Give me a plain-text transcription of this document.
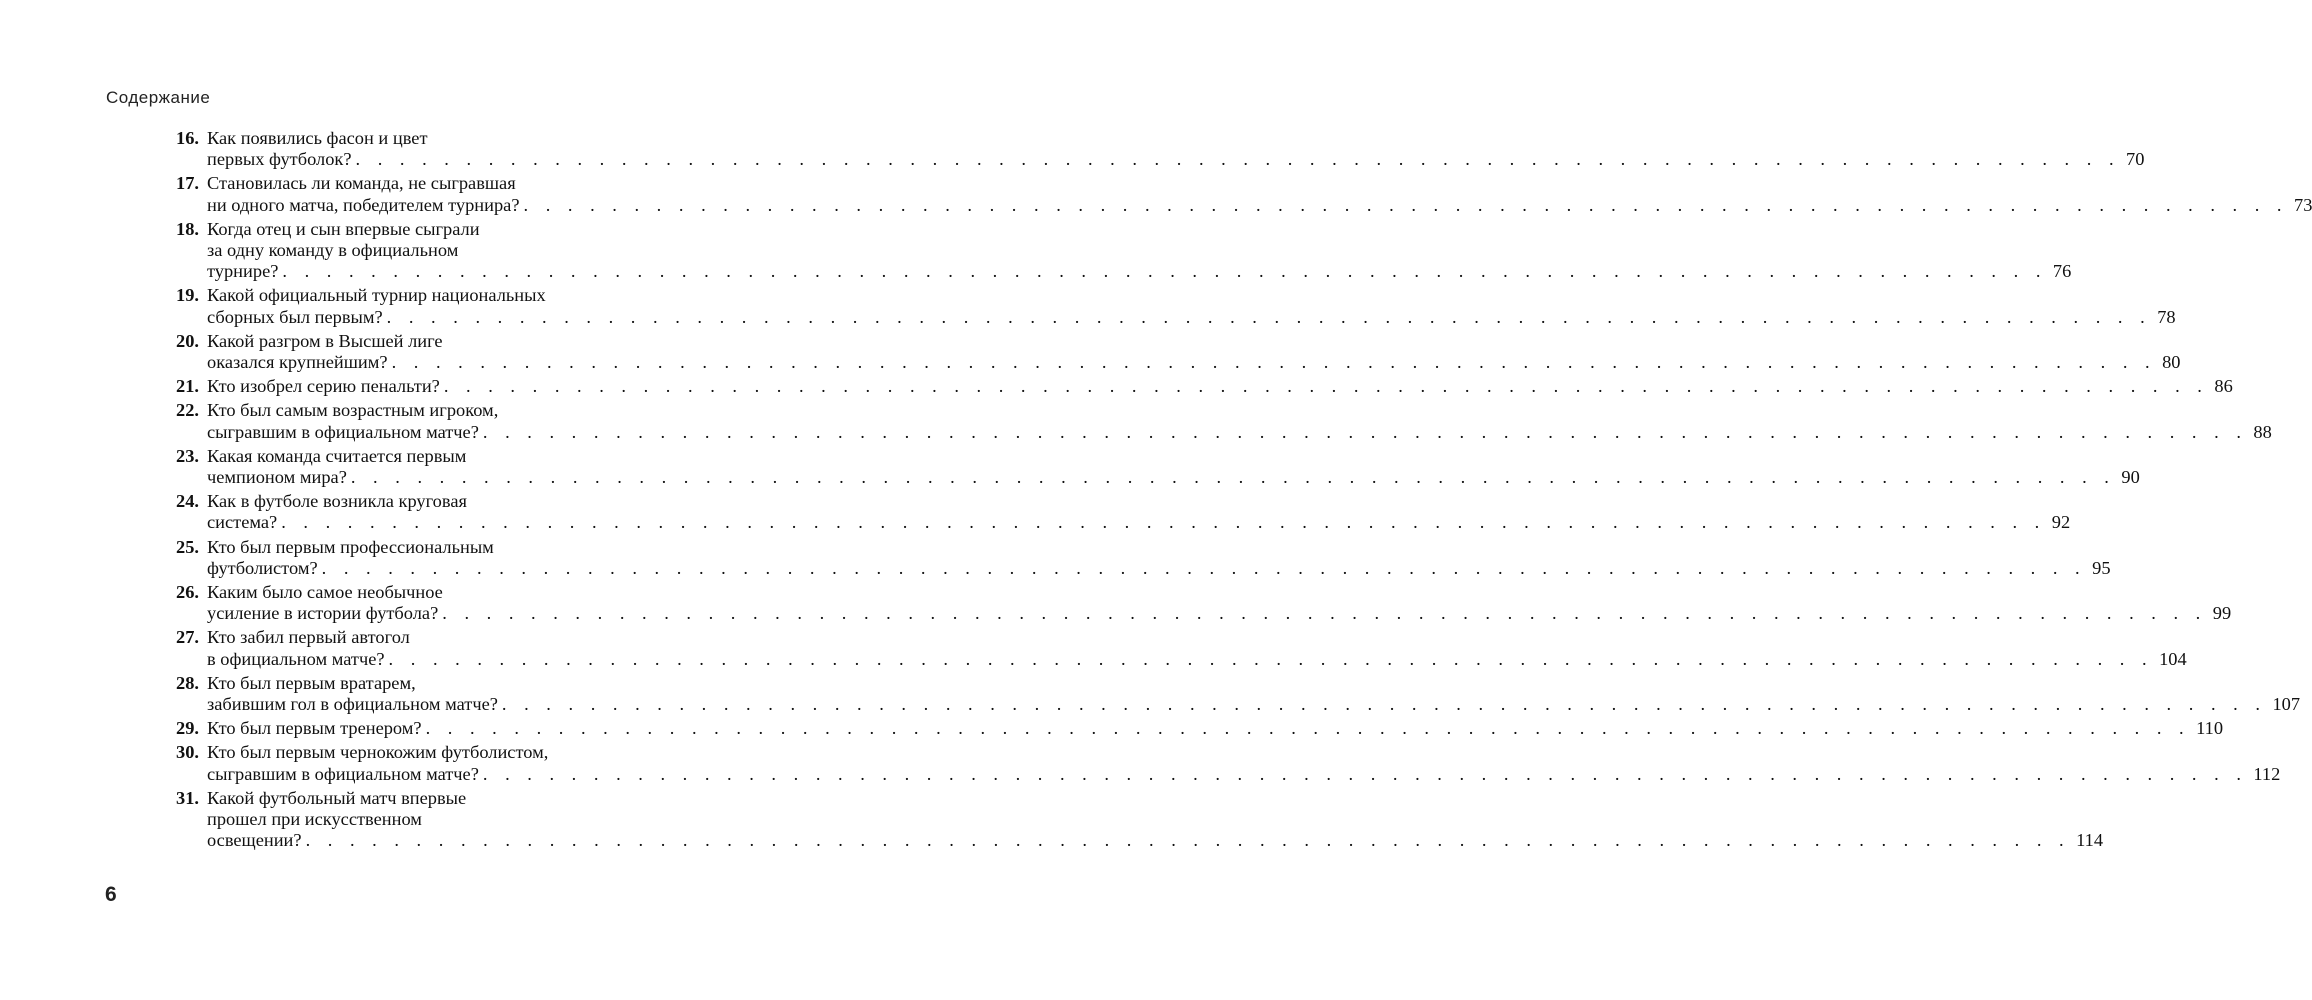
Содержание
16. Как появились фасон и цвет
первых футболок? . . . . . . . . . . . . . . . . . . . . . . . . . . . . . . . . . . . . . . . . . . . . . . . . . . . . . . . . . . . . . . . . . . . . . . . . . . . . . . . . 70
17. Становилась ли команда, не сыгравшая
ни одного матча, победителем турнира? . . . . . . . . . . . . . . . . . . . . . . . . . . . . . . . . . . . . . . . . . . . . . . . . . . . . . . . . . . . . . . . . . . . . . . . . . . . . . . . . 73
18. Когда отец и сын впервые сыграли
за одну команду в официальном
турнире? . . . . . . . . . . . . . . . . . . . . . . . . . . . . . . . . . . . . . . . . . . . . . . . . . . . . . . . . . . . . . . . . . . . . . . . . . . . . . . . . 76
19. Какой официальный турнир национальных
сборных был первым? . . . . . . . . . . . . . . . . . . . . . . . . . . . . . . . . . . . . . . . . . . . . . . . . . . . . . . . . . . . . . . . . . . . . . . . . . . . . . . . . 78
20. Какой разгром в Высшей лиге
оказался крупнейшим? . . . . . . . . . . . . . . . . . . . . . . . . . . . . . . . . . . . . . . . . . . . . . . . . . . . . . . . . . . . . . . . . . . . . . . . . . . . . . . . . 80
21. Кто изобрел серию пенальти? . . . . . . . . . . . . . . . . . . . . . . . . . . . . . . . . . . . . . . . . . . . . . . . . . . . . . . . . . . . . . . . . . . . . . . . . . . . . . . . . 86
22. Кто был самым возрастным игроком,
сыгравшим в официальном матче? . . . . . . . . . . . . . . . . . . . . . . . . . . . . . . . . . . . . . . . . . . . . . . . . . . . . . . . . . . . . . . . . . . . . . . . . . . . . . . . . 88
23. Какая команда считается первым
чемпионом мира? . . . . . . . . . . . . . . . . . . . . . . . . . . . . . . . . . . . . . . . . . . . . . . . . . . . . . . . . . . . . . . . . . . . . . . . . . . . . . . . . 90
24. Как в футболе возникла круговая
система? . . . . . . . . . . . . . . . . . . . . . . . . . . . . . . . . . . . . . . . . . . . . . . . . . . . . . . . . . . . . . . . . . . . . . . . . . . . . . . . . 92
25. Кто был первым профессиональным
футболистом? . . . . . . . . . . . . . . . . . . . . . . . . . . . . . . . . . . . . . . . . . . . . . . . . . . . . . . . . . . . . . . . . . . . . . . . . . . . . . . . . 95
26. Каким было самое необычное
усиление в истории футбола? . . . . . . . . . . . . . . . . . . . . . . . . . . . . . . . . . . . . . . . . . . . . . . . . . . . . . . . . . . . . . . . . . . . . . . . . . . . . . . . . 99
27. Кто забил первый автогол
в официальном матче? . . . . . . . . . . . . . . . . . . . . . . . . . . . . . . . . . . . . . . . . . . . . . . . . . . . . . . . . . . . . . . . . . . . . . . . . . . . . . . . . 104
28. Кто был первым вратарем,
забившим гол в официальном матче? . . . . . . . . . . . . . . . . . . . . . . . . . . . . . . . . . . . . . . . . . . . . . . . . . . . . . . . . . . . . . . . . . . . . . . . . . . . . . . . . 107
29. Кто был первым тренером? . . . . . . . . . . . . . . . . . . . . . . . . . . . . . . . . . . . . . . . . . . . . . . . . . . . . . . . . . . . . . . . . . . . . . . . . . . . . . . . . 110
30. Кто был первым чернокожим футболистом,
сыгравшим в официальном матче? . . . . . . . . . . . . . . . . . . . . . . . . . . . . . . . . . . . . . . . . . . . . . . . . . . . . . . . . . . . . . . . . . . . . . . . . . . . . . . . . 112
31. Какой футбольный матч впервые
прошел при искусственном
освещении? . . . . . . . . . . . . . . . . . . . . . . . . . . . . . . . . . . . . . . . . . . . . . . . . . . . . . . . . . . . . . . . . . . . . . . . . . . . . . . . . 114
6
